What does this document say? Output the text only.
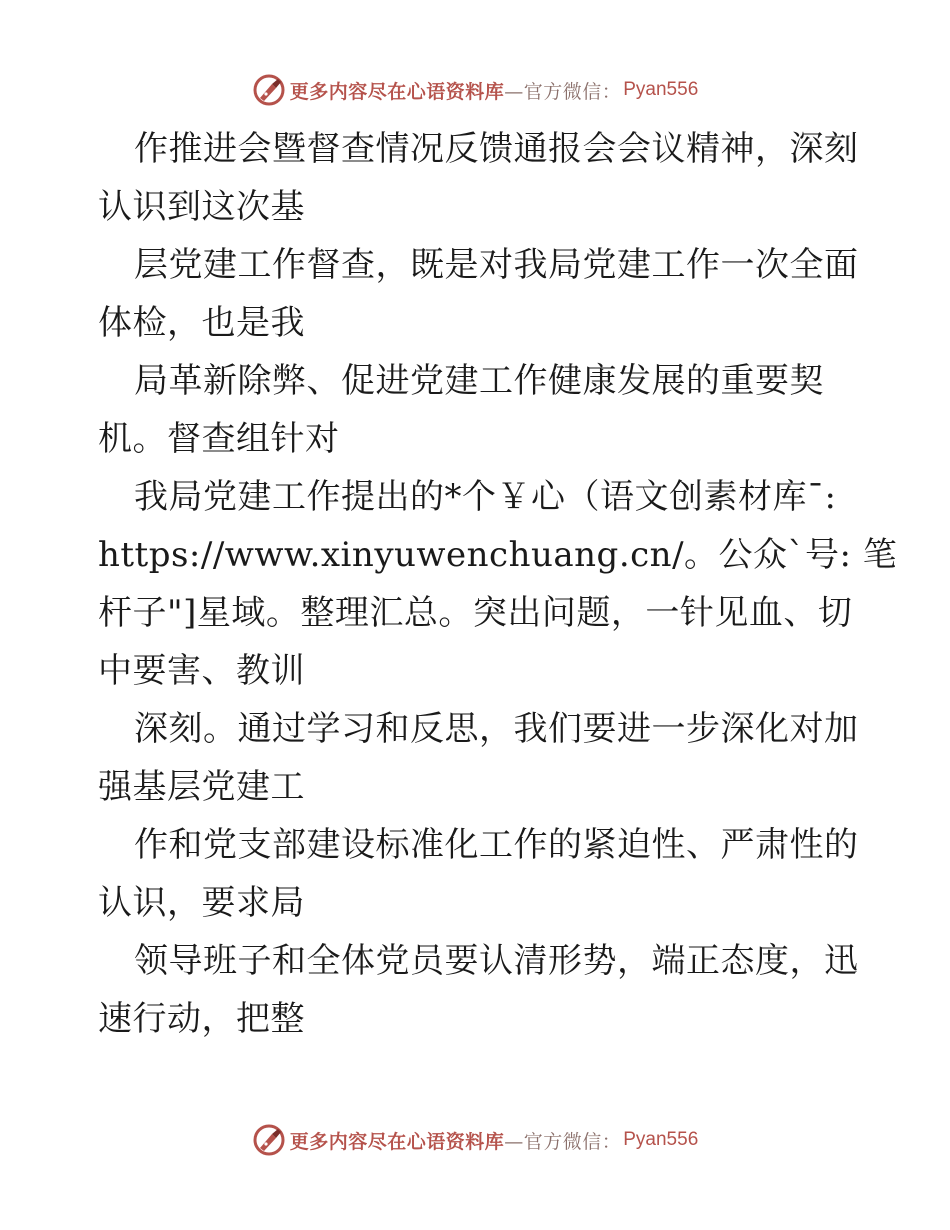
更多内容尽在心语资料库 —官方微信： Pyan556
作推进会暨督查情况反馈通报会会议精神，深刻
认识到这次基
层党建工作督查，既是对我局党建工作一次全面
体检，也是我
局革新除弊、促进党建工作健康发展的重要契
机。督查组针对
我局党建工作提出的*个￥心（语文创素材库¯:
https://www.xinyuwenchuang.cn/。公众`号: 笔
杆子"]星域。整理汇总。突出问题，一针见血、切
中要害、教训
深刻。通过学习和反思，我们要进一步深化对加
强基层党建工
作和党支部建设标准化工作的紧迫性、严肃性的
认识，要求局
领导班子和全体党员要认清形势，端正态度，迅
速行动，把整
更多内容尽在心语资料库 —官方微信： Pyan556
